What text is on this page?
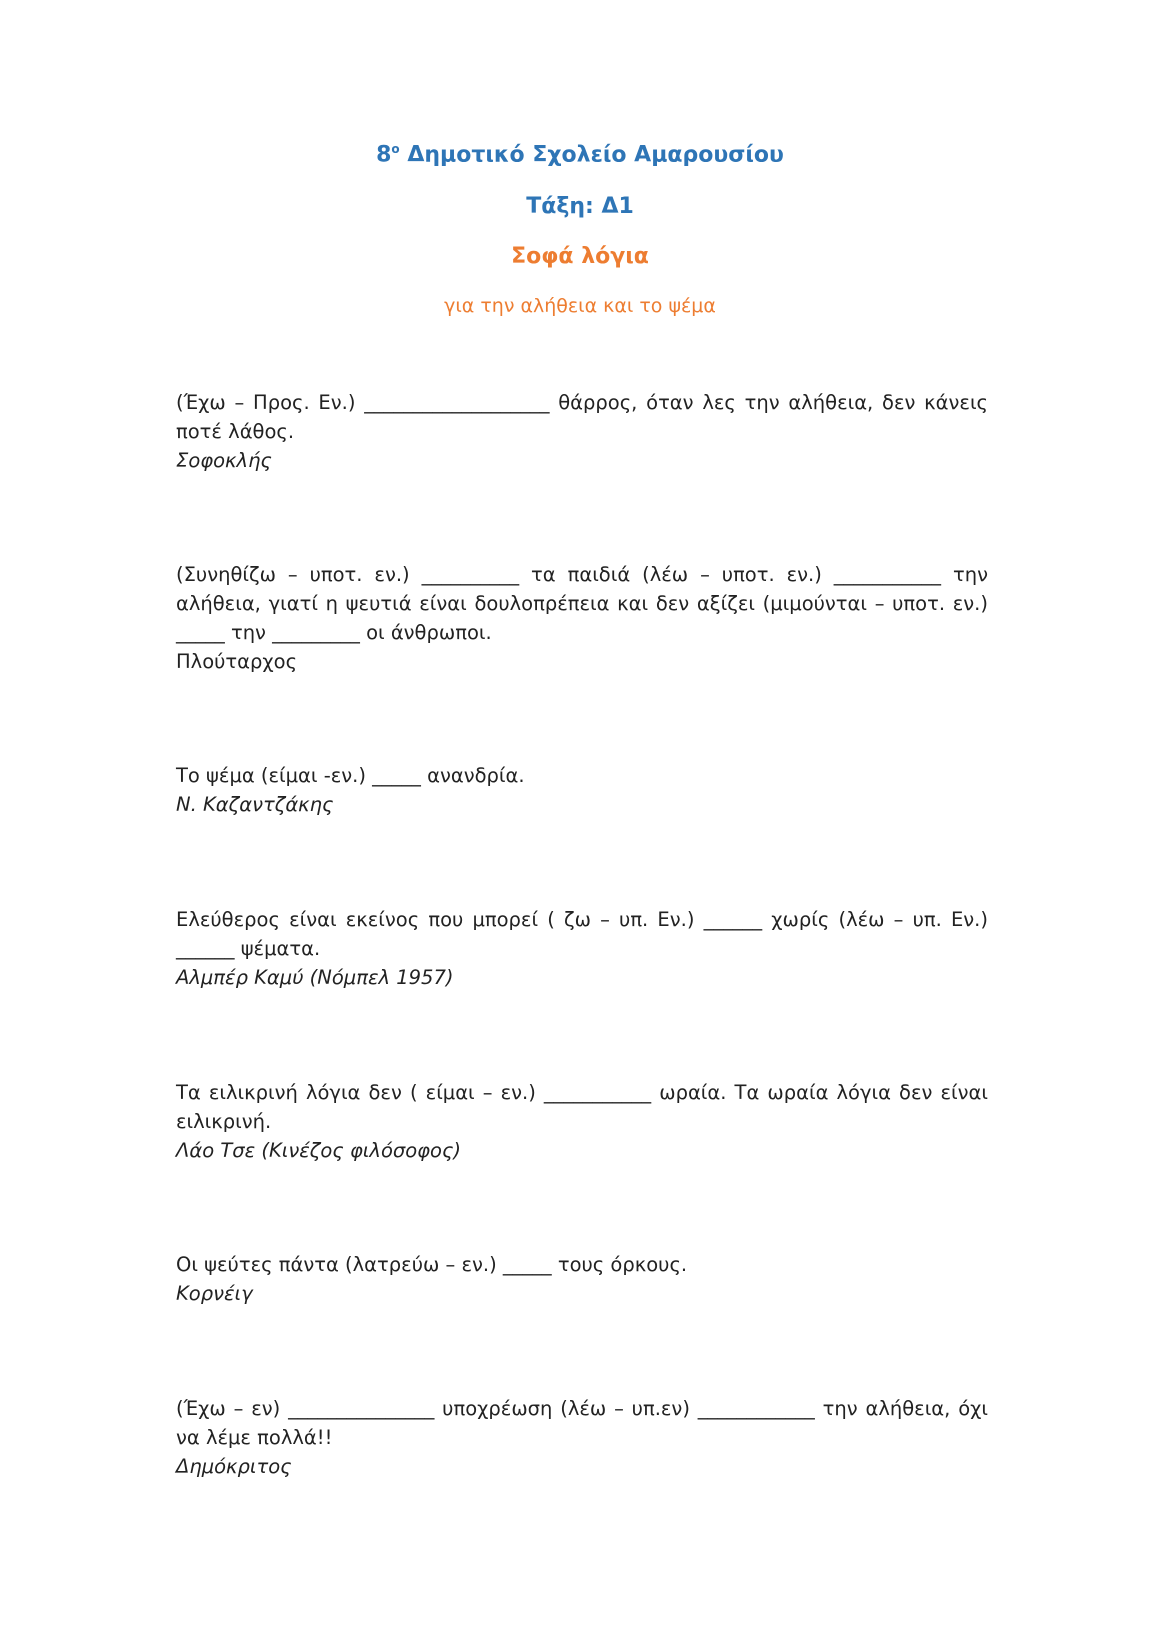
$8^o$ Δημοτικό Σχολείο Αμαρουσίου
Τάξη: Δ1
Σοφά λόγια
για την αλήθεια και το ψέμα

(Έχω – Προς. Εν.) ___________________ θάρρος, όταν λες την αλήθεια, δεν κάνεις ποτέ λάθος.

Σοφοκλής

(Συνηθίζω – υποτ. εν.) __________ τα παιδιά (λέω – υποτ. εν.) ___________ την αλήθεια, γιατί η ψευτιά είναι δουλοπρέπεια και δεν αξίζει (μιμούνται – υποτ. εν.) _____ την _________ οι άνθρωποι.

Πλούταρχος

Το ψέμα (είμαι -εν.) _____ ανανδρία.

Ν. Καζαντζάκης

Ελεύθερος είναι εκείνος που μπορεί ( ζω – υπ. Εν.) ______ χωρίς (λέω – υπ. Εν.) ______ ψέματα.

Αλμπέρ Καμύ (Νόμπελ 1957)

Τα ειλικρινή λόγια δεν ( είμαι – εν.) ___________ ωραία. Τα ωραία λόγια δεν είναι ειλικρινή.

Λάο Τσε (Κινέζος φιλόσοφος)

Οι ψεύτες πάντα (λατρεύω – εν.) _____ τους όρκους.

Κορνέιγ

(Έχω – εν) _______________ υποχρέωση (λέω – υπ.εν) ____________ την αλήθεια, όχι να λέμε πολλά!!

Δημόκριτος
